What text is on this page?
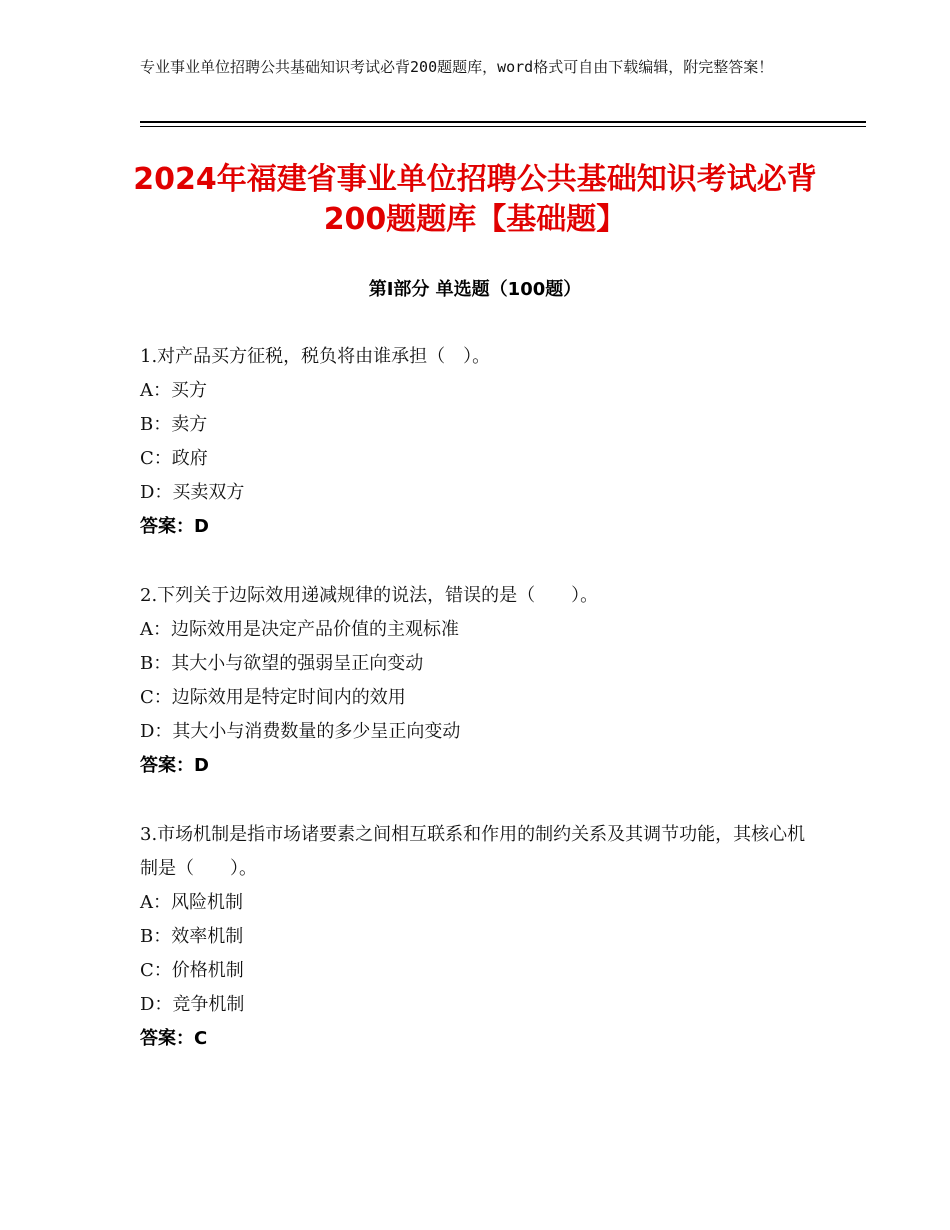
专业事业单位招聘公共基础知识考试必背200题题库，word格式可自由下载编辑，附完整答案！
2024年福建省事业单位招聘公共基础知识考试必背200题题库【基础题】
第Ⅰ部分 单选题（100题）
1.对产品买方征税，税负将由谁承担（　）。
A：买方
B：卖方
C：政府
D：买卖双方
答案：D
2.下列关于边际效用递减规律的说法，错误的是（　　）。
A：边际效用是决定产品价值的主观标准
B：其大小与欲望的强弱呈正向变动
C：边际效用是特定时间内的效用
D：其大小与消费数量的多少呈正向变动
答案：D
3.市场机制是指市场诸要素之间相互联系和作用的制约关系及其调节功能，其核心机制是（　　）。
A：风险机制
B：效率机制
C：价格机制
D：竞争机制
答案：C
